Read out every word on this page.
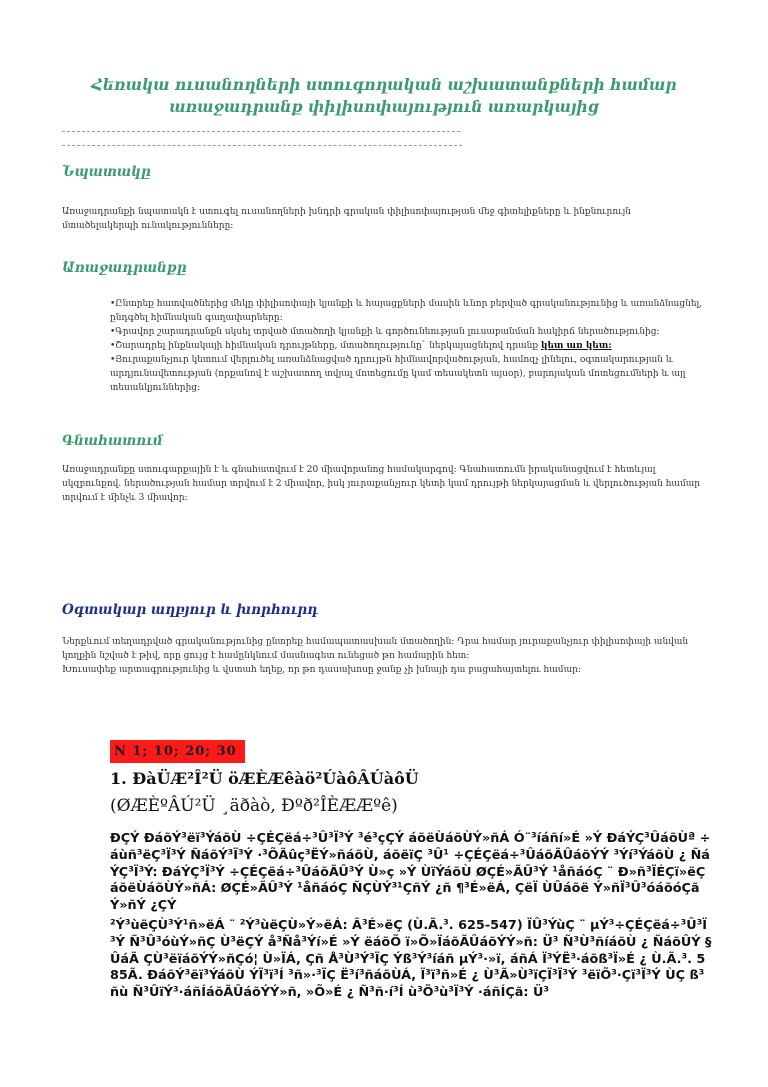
Հեռակա ուսանողների ստուգողական աշխատանքների համար առաջադրանք փիլիսոփայություն առարկայից
Նպատակը
Առաջադրանքի նպատակն է ստուգել ուսանողների խնդրի գրական փիլիսոփայության մեջ գիտելիքները և ինքնուրույն մտածելակերպի ունակությունները։
Առաջադրանքը

•Ընտրեք հատվածներից մեկը փիլիսոփայի կյանքի և հայացքների մասին ևնոր բերված գրականությունից և առանձնացնել, ընդգծել հիմնական գաղափարները։

•Գրավոր շարադրանքն սկսել տրված մտածողի կյանքի և գործունեության լուսաբանման հակիրճ ներածությունից։

•Շարադրել ինքնակայի հիմնական դրույթները, մտածողությունը` ներկայացնելով դրանք կետ առ կետ:

•Յուրաքանչյուր կետում վերլուծել առանձնացված դրույթն հիմնավորվածության, համոզչ լինելու, օգտակարության և արդյունավետության (որքանով է աշխատող տվյալ մոտեցումը կամ տեսակետն այսօր), բարոյական մոտեցումների և այլ տեսանկյուններից։

Գնահատում
Առաջադրանքը ստուգարքային է և գնահատվում է 20 միավորանոց համակարգով։ Գնահատումն իրականացվում է հետևյալ սկզբունքով. ներածության համար տրվում է 2 միավոր, իսկ յուրաքանչյուր կետի կամ դրույթի ներկայացման և վերլուծության համար տրվում է մինչև 3 միավոր։
Օգտակար աղբյուր և խորհուրդ
Ներքևում տեղադրված գրականությունից ընտրեք համապատասխան մտածողին։ Դրա համար յուրաքանչյուր փիլիսոփայի անվան կողքին նշված է թիվ, որը ցույց է համընկնում մասնագետ ունեցած թո համարին հետ։
Խուսափեք արտագրությունից և վստահ եղեք, որ թո դասախոսը ջանք չի խնայի դա բացահայտելու համար։
N 1; 10; 20; 30
1. ÐàÜÆ²Î²Ü öÆÈÆêàö²ÚàôÂÚàôÜ
(ØÆÈºÂÚ²Ü ¸äðàò, Ðºð²ÎÈÆÆºê)
ÐÇÝ ÐáõÝ³ëï³ÝáõÙ ÷ÇÉÇëá÷³Û³Ï³Ý ³é³çÇÝ áõëÙáõÙÝ»ñÁ Ó¨³íáñí»É »Ý ÐáÝÇ³ÛáõÙª ÷áùñ³ëÇ³Ï³Ý ÑáõÝ³Ï³Ý ·³ÕÃûç³ËÝ»ñáõÙ, áõëïÇ ³Û¹ ÷ÇÉÇëá÷³ÛáõÃÛáõÝÝ ³Ýí³ÝáõÙ ¿ ÑáÝÇ³Ï³Ý: ÐáÝÇ³Ï³Ý ÷ÇÉÇëá÷³ÛáõÃÛ³Ý Ù»ç »Ý ÙïÝáõÙ ØÇÉ»ÃÛ³Ý ¹åñáóÇ ¨ Ð»ñ³ÏÉÇï»ëÇ áõëÙáõÙÝ»ñÁ: ØÇÉ»ÃÛ³Ý ¹åñáóÇ ÑÇÙÝ³¹ÇñÝ ¿ñ ¶³É»ëÁ, ÇëÏ ÙÛáõë Ý»ñÏ³Û³óáõóÇãÝ»ñÝ ¿ÇÝ
²Ý³ùëÇÙ³Ý¹ñ»ëÁ ¨ ²Ý³ùëÇÙ»Ý»ëÁ: Â³É»ëÇ (Ù.Ã.³. 625-547) ÏÛ³ÝùÇ ¨ µÝ³÷ÇÉÇëá÷³Û³Ï³Ý Ñ³Û³óùÝ»ñÇ Ù³ëÇÝ å³Ñå³Ýí»É »Ý ëáõÕ ï»Õ»ÏáõÃÛáõÝÝ»ñ: Ü³ Ñ³Ù³ñíáõÙ ¿ ÑáõÛÝ §ÛáÃ ÇÙ³ëïáõÝÝ»ñÇó¦ Ù»ÏÁ, Çñ Å³Ù³Ý³ÏÇ Ýß³Ý³íáñ µÝ³·»ï, áñÁ Ï³ÝË³·áõß³Ï»É ¿ Ù.Ã.³. 585Ã. ÐáõÝ³ëï³ÝáõÙ ÝÏ³ï³Í ³ñ»·³ÏÇ Ë³í³ñáõÙÁ, Ï³ï³ñ»É ¿ Ù³Ã»Ù³ïÇÏ³Ï³Ý ³ëïÕ³·Çï³Ï³Ý ÙÇ ß³ñù Ñ³ÛïÝ³·áñÍáõÃÛáõÝÝ»ñ, »Õ»É ¿ Ñ³ñ·í³Í ù³Õ³ù³Ï³Ý ·áñÍÇã: Ü³
